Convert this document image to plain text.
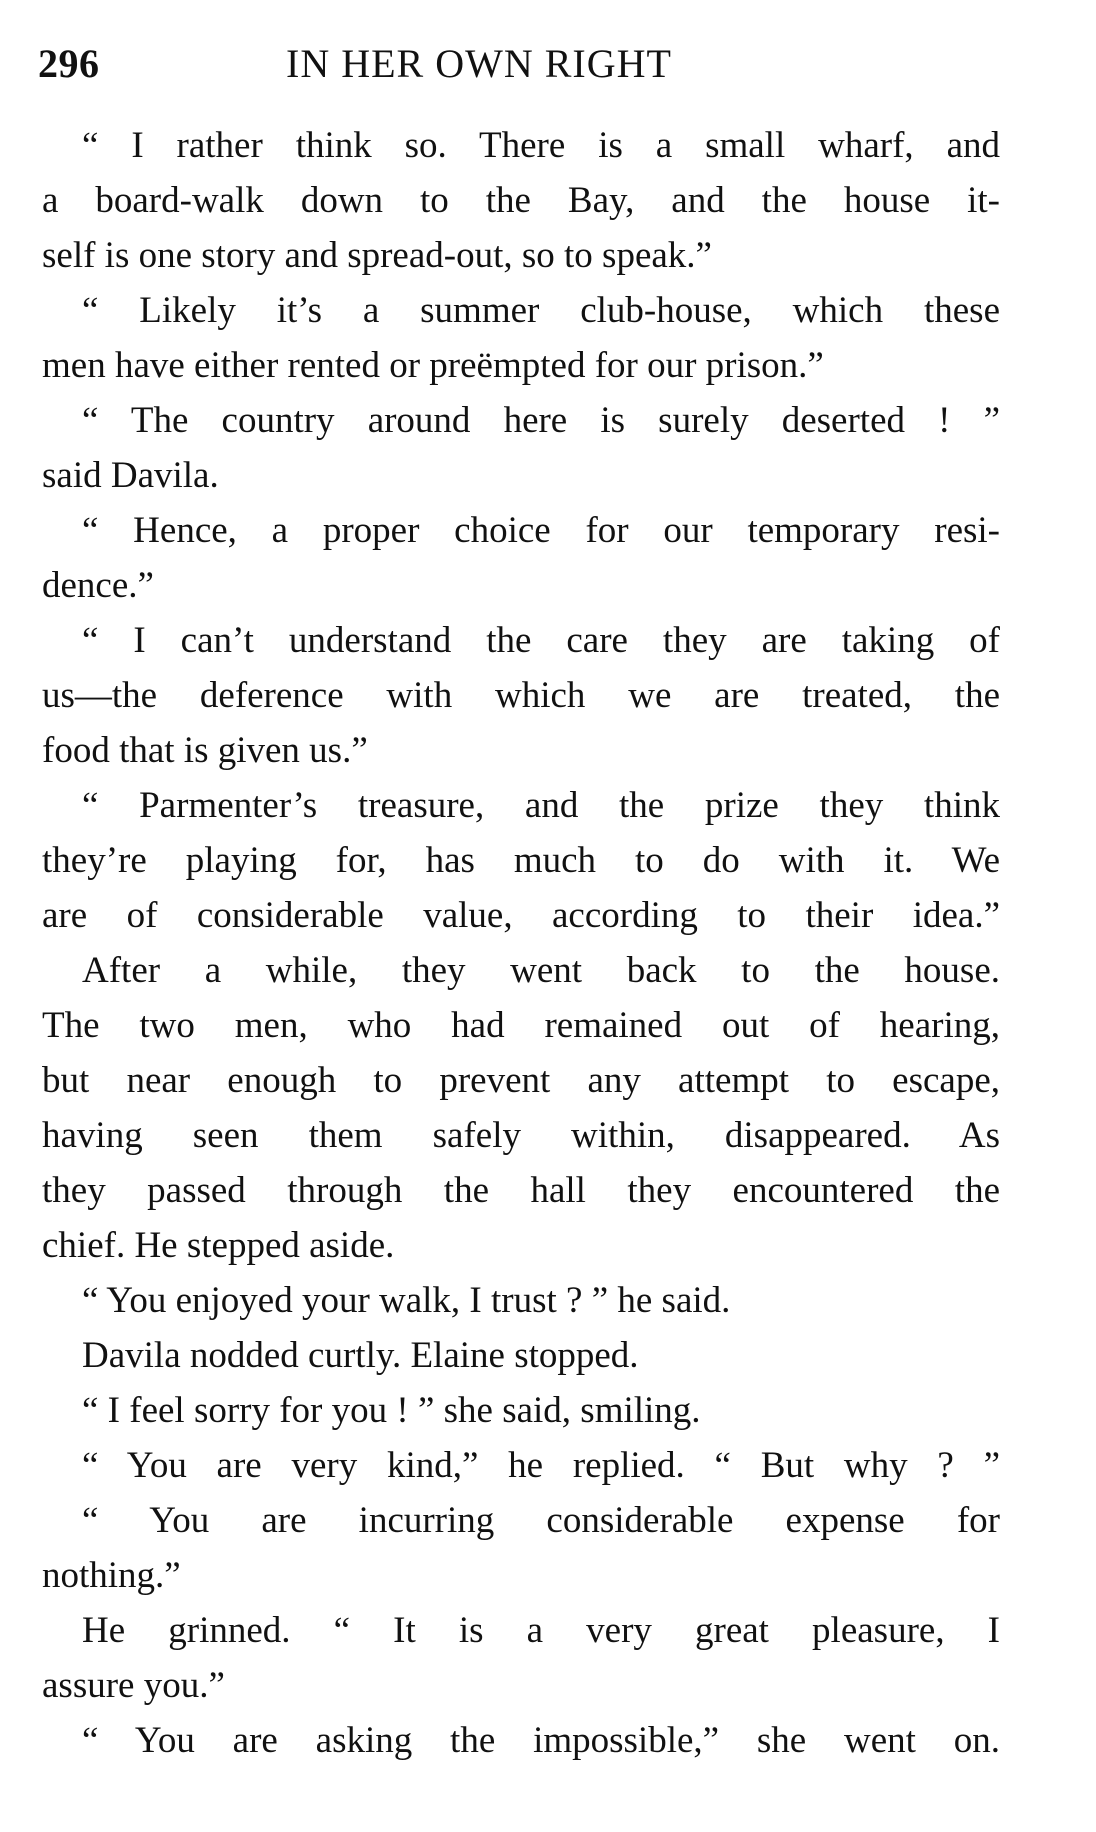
296	IN HER OWN RIGHT
“ I rather think so. There is a small wharf, and
a board-walk down to the Bay, and the house it-
self is one story and spread-out, so to speak.”
“ Likely it’s a summer club-house, which these
men have either rented or preëmpted for our prison.”
“ The country around here is surely deserted ! ”
said Davila.
“ Hence, a proper choice for our temporary resi-
dence.”
“ I can’t understand the care they are taking of
us—the deference with which we are treated, the
food that is given us.”
“ Parmenter’s treasure, and the prize they think
they’re playing for, has much to do with it. We
are of considerable value, according to their idea.”
After a while, they went back to the house.
The two men, who had remained out of hearing,
but near enough to prevent any attempt to escape,
having seen them safely within, disappeared. As
they passed through the hall they encountered the
chief. He stepped aside.
“ You enjoyed your walk, I trust ? ” he said.
Davila nodded curtly. Elaine stopped.
“ I feel sorry for you ! ” she said, smiling.
“ You are very kind,” he replied. “ But why ? ”
“ You are incurring considerable expense for
nothing.”
He grinned. “ It is a very great pleasure, I
assure you.”
“ You are asking the impossible,” she went on.
